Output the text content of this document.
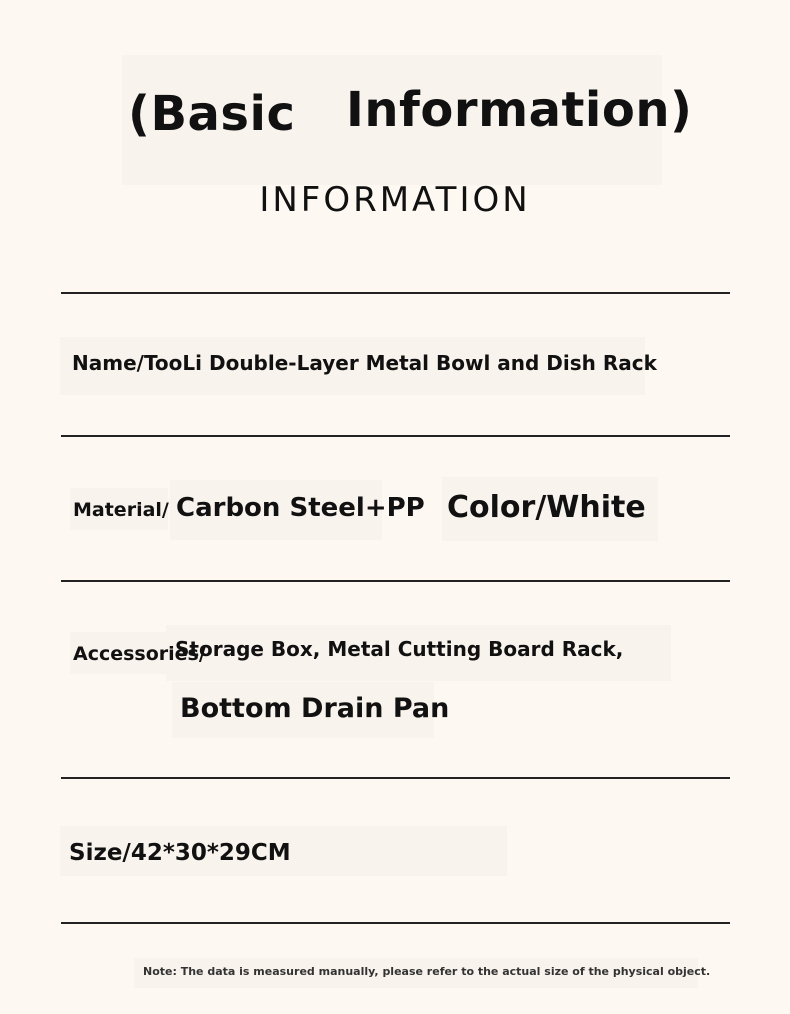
(Basic Information)
INFORMATION
Name/TooLi Double-Layer Metal Bowl and Dish Rack
Material/ Carbon Steel+PP Color/White
Accessories/
Storage Box, Metal Cutting Board Rack,
Bottom Drain Pan
Size/42*30*29CM
Note: The data is measured manually, please refer to the actual size of the physical object.
